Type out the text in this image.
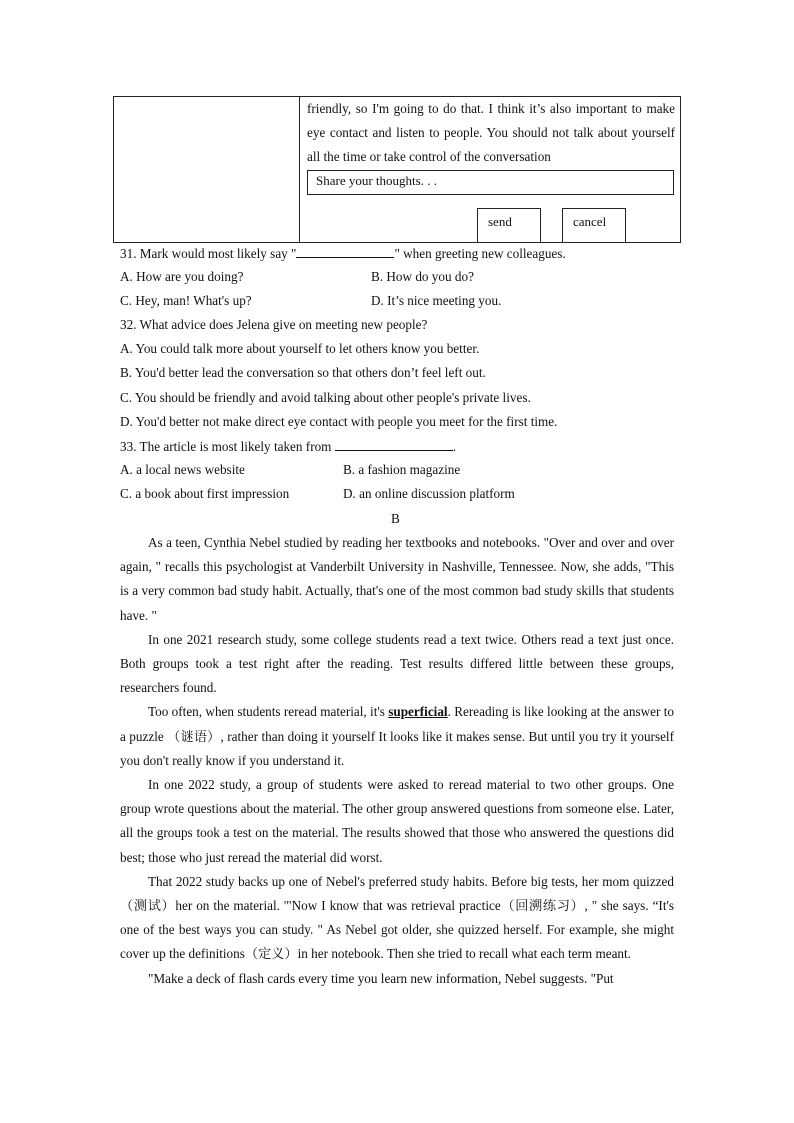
friendly, so I'm going to do that. I think it’s also important to make eye contact and listen to people. You should not talk about yourself all the time or take control of the conversation

Share your thoughts. . .
send	cancel
31. Mark would most likely say "	" when greeting new colleagues.
A. How are you doing?	B. How do you do?
C. Hey, man! What's up?	D. It’s nice meeting you.
32. What advice does Jelena give on meeting new people?
A. You could talk more about yourself to let others know you better.
B. You'd better lead the conversation so that others don’t feel left out.
C. You should be friendly and avoid talking about other people's private lives.
D. You'd better not make direct eye contact with people you meet for the first time.
33. The article is most likely taken from	.
A. a local news website	B. a fashion magazine
C. a book about first impression	D. an online discussion platform
B

As a teen, Cynthia Nebel studied by reading her textbooks and notebooks. "Over and over and over again, " recalls this psychologist at Vanderbilt University in Nashville, Tennessee. Now, she adds, "This is a very common bad study habit. Actually, that's one of the most common bad study skills that students have. "

In one 2021 research study, some college students read a text twice. Others read a text just once. Both groups took a test right after the reading. Test results differed little between these groups, researchers found.

Too often, when students reread material, it's superficial. Rereading is like looking at the answer to a puzzle （谜语）, rather than doing it yourself It looks like it makes sense. But until you try it yourself you don't really know if you understand it.

In one 2022 study, a group of students were asked to reread material to two other groups. One group wrote questions about the material. The other group answered questions from someone else. Later, all the groups took a test on the material. The results showed that those who answered the questions did best; those who just reread the material did worst.

That 2022 study backs up one of Nebel's preferred study habits. Before big tests, her mom quizzed（测试）her on the material. '"Now I know that was retrieval practice（回溯练习）, " she says. “It's one of the best ways you can study. " As Nebel got older, she quizzed herself. For example, she might cover up the definitions（定义）in her notebook. Then she tried to recall what each term meant.

"Make a deck of flash cards every time you learn new information, Nebel suggests. "Put
